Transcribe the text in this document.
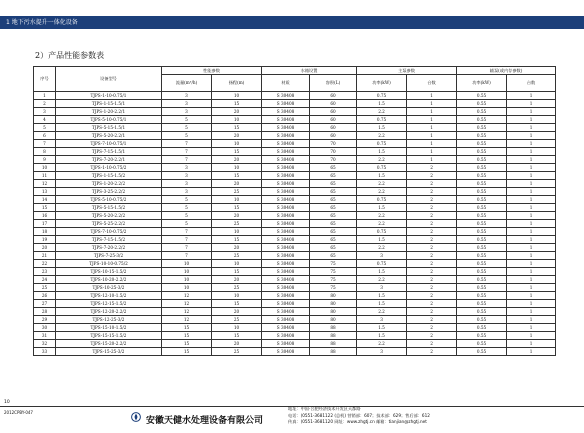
1 地下污水提升一体化设备
2）产品性能参数表
序号	设备型号	性能参数		水箱设置		主泵参数		辅泵(或内存参数)	
		流量(m³/h)	扬程(m)	材质	容积(L)	功率(kW)	台数	功率(kW)	台数
1	TJPS-1-10-0.75/1	3	10	S 30408	60	0.75	1	0.55	1
2	TJPS-1-15-1.5/1	3	15	S 30408	60	1.5	1	0.55	1
3	TJPS-1-20-2.2/1	3	20	S 30408	60	2.2	1	0.55	1
4	TJPS-5-10-0.75/1	5	10	S 30408	60	0.75	1	0.55	1
5	TJPS-5-15-1.5/1	5	15	S 30408	60	1.5	1	0.55	1
6	TJPS-5-20-2.2/1	5	20	S 30408	60	2.2	1	0.55	1
7	TJPS-7-10-0.75/1	7	10	S 30408	70	0.75	1	0.55	1
8	TJPS-7-15-1.5/1	7	15	S 30408	70	1.5	1	0.55	1
9	TJPS-7-20-2.2/1	7	20	S 30408	70	2.2	1	0.55	1
10	TJPS-1-10-0.75/2	3	10	S 30408	65	0.75	2	0.55	1
11	TJPS-1-15-1.5/2	3	15	S 30408	65	1.5	2	0.55	1
12	TJPS-1-20-2.2/2	3	20	S 30408	65	2.2	2	0.55	1
13	TJPS-3-25-2.2/2	3	25	S 30408	65	2.2	2	0.55	1
14	TJPS-5-10-0.75/2	5	10	S 30408	65	0.75	2	0.55	1
15	TJPS-5-15-1.5/2	5	15	S 30408	65	1.5	2	0.55	1
16	TJPS-5-20-2.2/2	5	20	S 30408	65	2.2	2	0.55	1
17	TJPS-5-25-2.2/2	5	25	S 30408	65	2.2	2	0.55	1
18	TJPS-7-10-0.75/2	7	10	S 30408	65	0.75	2	0.55	1
19	TJPS-7-15-1.5/2	7	15	S 30408	65	1.5	2	0.55	1
20	TJPS-7-20-2.2/2	7	20	S 30408	65	2.2	2	0.55	1
21	TJPS-7-25-3/2	7	25	S 30408	65	3	2	0.55	1
22	TJPS-10-10-0.75/2	10	10	S 30408	75	0.75	2	0.55	1
23	TJPS-10-15-1.5/2	10	15	S 30408	75	1.5	2	0.55	1
24	TJPS-10-20-2.2/2	10	20	S 30408	75	2.2	2	0.55	1
25	TJPS-10-25-3/2	10	25	S 30408	75	3	2	0.55	1
26	TJPS-12-10-1.5/2	12	10	S 30408	80	1.5	2	0.55	1
27	TJPS-12-15-1.5/2	12	15	S 30408	80	1.5	2	0.55	1
28	TJPS-12-20-2.2/2	12	20	S 30408	80	2.2	2	0.55	1
29	TJPS-12-25-3/2	12	25	S 30408	80	3	2	0.55	1
30	TJPS-15-10-1.5/2	15	10	S 30408	88	1.5	2	0.55	1
31	TJPS-15-15-1.5/2	15	15	S 30408	88	1.5	2	0.55	1
32	TJPS-15-20-2.2/2	15	20	S 30408	88	2.2	2	0.55	1
33	TJPS-15-25-3/2	15	25	S 30408	88	3	2	0.55	1
10
2012CPBY-047
安徽天健水处理设备有限公司
地址：中国·合肥经济技术开发区天都路
电话：(0551-3681122 (总机) 营销部：607；技术部：629；售后部：612
传真：(0551-3681120 网址：www.zhgtj.cn 邮箱：tianjian@zhgtj.net
